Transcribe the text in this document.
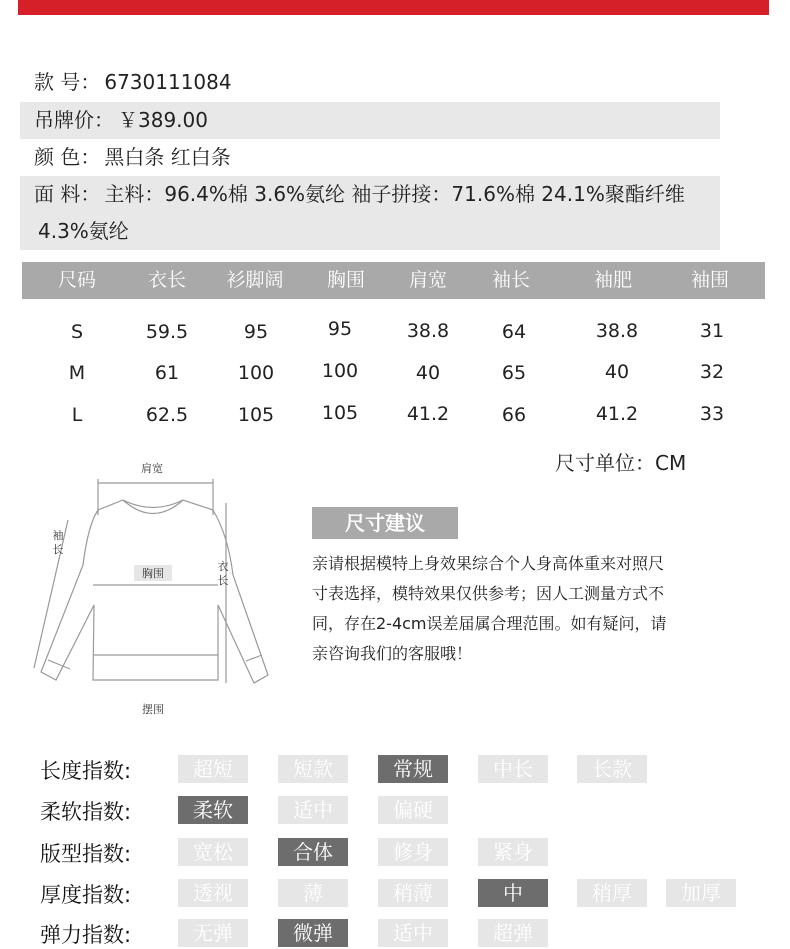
款 号： 6730111084
吊牌价： ￥389.00
颜 色： 黑白条 红白条
面 料： 主料：96.4%棉 3.6%氨纶 袖子拼接：71.6%棉 24.1%聚酯纤维
4.3%氨纶
尺码	衣长 衫脚阔 胸围 肩宽 袖长	袖肥	袖围
S	59.5	95	95	38.8	64	38.8	31
M	61	100	100	40	65	40	32
L	62.5	105	105	41.2	66	41.2	33
尺寸单位：CM
肩宽
袖
长
胸围
衣
长
摆围
尺寸建议
亲请根据模特上身效果综合个人身高体重来对照尺
寸表选择，模特效果仅供参考；因人工测量方式不
同，存在2-4cm误差届属合理范围。如有疑问，请
亲咨询我们的客服哦！
长度指数:	超短	短款	常规	中长	长款
柔软指数:	柔软	适中	偏硬
版型指数:	宽松	合体	修身	紧身
厚度指数:	透视	薄	稍薄	中	稍厚	加厚
弹力指数:	无弹	微弹	适中	超弹
